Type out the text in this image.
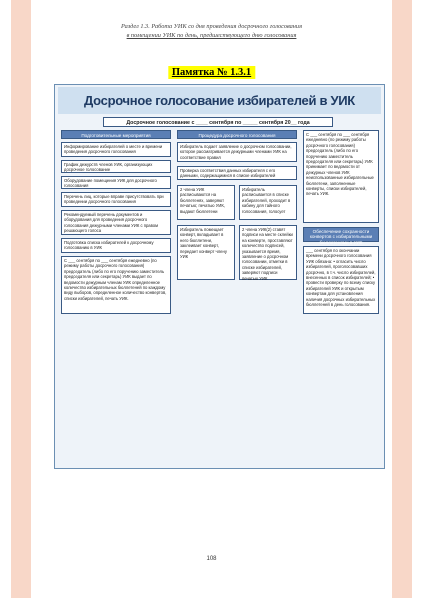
Раздел 1.3. Работа УИК со дня проведения досрочного голосования
в помещении УИК по день, предшествующего дню голосования
Памятка № 1.3.1
Досрочное голосование избирателей в УИК
Досрочное голосование с ____ сентября по _____ сентября 20__ года
Подготовительные мероприятия	Процедура досрочного голосования
Информирование избирателей о месте и времени проведения досрочного голосования
График дежурств членов УИК, организующих досрочное голосование
Оборудование помещения УИК для досрочного голосования
Перечень лиц, которые вправе присутствовать при проведении досрочного голосования
Рекомендуемый перечень документов и оборудования для проведения досрочного голосования дежурными членами УИК с правом решающего голоса
Подготовка списка избирателей к досрочному голосованию в УИК
С ___ сентября по ___ сентября ежедневно (по режиму работы досрочного голосования) председатель (либо по его поручению заместитель председателя или секретарь) УИК выдает по ведомости дежурным членам УИК определенное количество избирательных бюллетеней по каждому виду выборов, определенное количество конвертов, списки избирателей, печать УИК.
Избиратель подает заявление о досрочном голосовании, которое рассматривается дежурными членами УИК на соответствие правил
Проверка соответствия данных избирателя с его данными, содержащимися в списке избирателей
2 члена УИК расписываются на бюллетенях, заверяют печатью; печатью УИК, выдают бюллетени
Избиратель расписывается в списке избирателей, проходит в кабину для тайного голосования, голосует
Избиратель помещает конверт, вкладывает в него бюллетени, заклеивает конверт, передает конверт члену УИК
2 члена УИК(2) ставят подписи на месте склейки на конверте, проставляют количество подписей, указывается время, заявление о досрочном голосовании, отметки в списке избирателей, заверяют подписи печатью УИК
С ___ сентября по ___ сентября ежедневно (по режиму работы досрочного голосования) председатель (либо по его поручению заместитель председателя или секретарь) УИК принимает по ведомости от дежурных членов УИК неиспользованные избирательные бюллетени, заполненные конверты, списки избирателей, печать УИК.
Обеспечение сохранности конвертов с избирательными бюллетенями в УИК
___ сентября по окончании времени досрочного голосования УИК обязана: • огласить число избирателей, проголосовавших досрочно, в т.ч. число избирателей, внесенных в список избирателей; • провести проверку по всему списку избирателей УИК и открытым конвертам для установления наличия досрочных избирательных бюллетеней в день голосования.
108
